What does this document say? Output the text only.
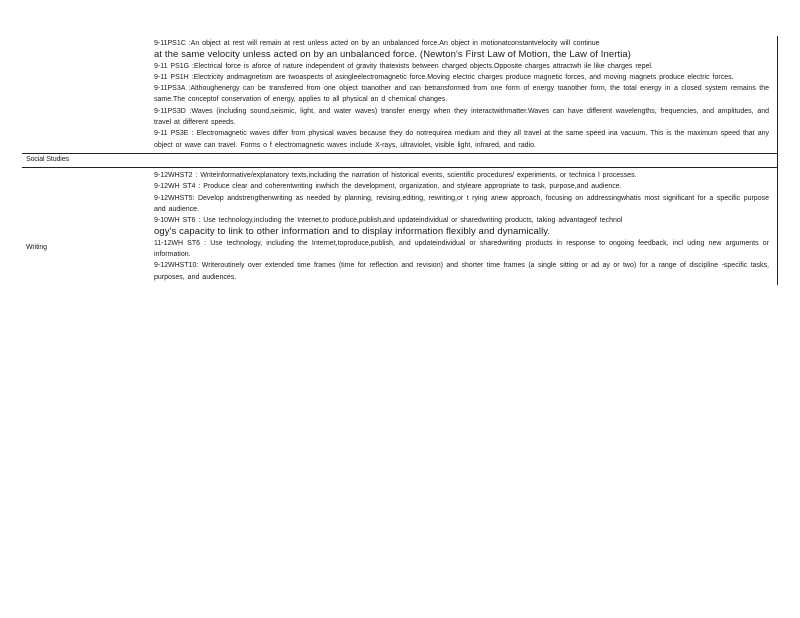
9-11PS1C :An object at rest will remain at rest unless acted on by an unbalanced force.An object in motionatconstantvelocity will continue

at the same velocity unless acted on by an unbalanced force. (Newton's First Law of Motion, the Law of Inertia)

9-11 PS1G :Electrical force is aforce of nature independent of gravity thatexists between charged objects.Opposite charges attractwh ile like charges repel.

9-11 PS1H :Electricity andmagnetism are twoaspects of asingleelectromagnetic force.Moving electric charges produce magnetic forces, and moving magnets produce electric forces.

9-11PS3A :Althoughenergy can be transferred from one object toanother and can betransformed from one form of energy toanother form, the total energy in a closed system remains the same.The conceptof conservation of energy, applies to all physical an d chemical changes.

9-11PS3D :Waves (including sound,seismic, light, and water waves) transfer energy when they interactwithmatter.Waves can have different wavelengths, frequencies, and amplitudes, and travel at different speeds.

9-11 PS3E : Electromagnetic waves differ from physical waves because they do notrequirea medium and they all travel at the same speed ina vacuum. This is the maximum speed that any object or wave can travel. Forms o f electromagnetic waves include X-rays, ultraviolet, visible light, infrared, and radio.

Social Studies
Writing

9-12WHST2 : Writeinformative/explanatory texts,including the narration of historical events, scientific procedures/ experiments, or technica l processes.

9-12WH ST4 : Produce clear and coherentwriting inwhich the development, organization, and styleare appropriate to task, purpose,and audience.

9-12WHST5: Develop andstrengthenwriting as needed by planning, revising,editing, rewriting,or t rying anew approach, focusing on addressingwhatis most significant for a specific purpose and audience.

9-10WH ST6 : Use technology,including the Internet,to produce,publish,and updateindividual or sharedwriting products, taking advantageof technol

ogy's capacity to link to other information and to display information flexibly and dynamically.

11-12WH ST6 : Use technology, including the Internet,toproduce,publish, and updateindividual or sharedwriting products in response to ongoing feedback, incl uding new arguments or information.

9-12WHST10: Writeroutinely over extended time frames (time for reflection and revision) and shorter time frames (a single sitting or ad ay or two) for a range of discipline -specific tasks, purposes, and audiences.
